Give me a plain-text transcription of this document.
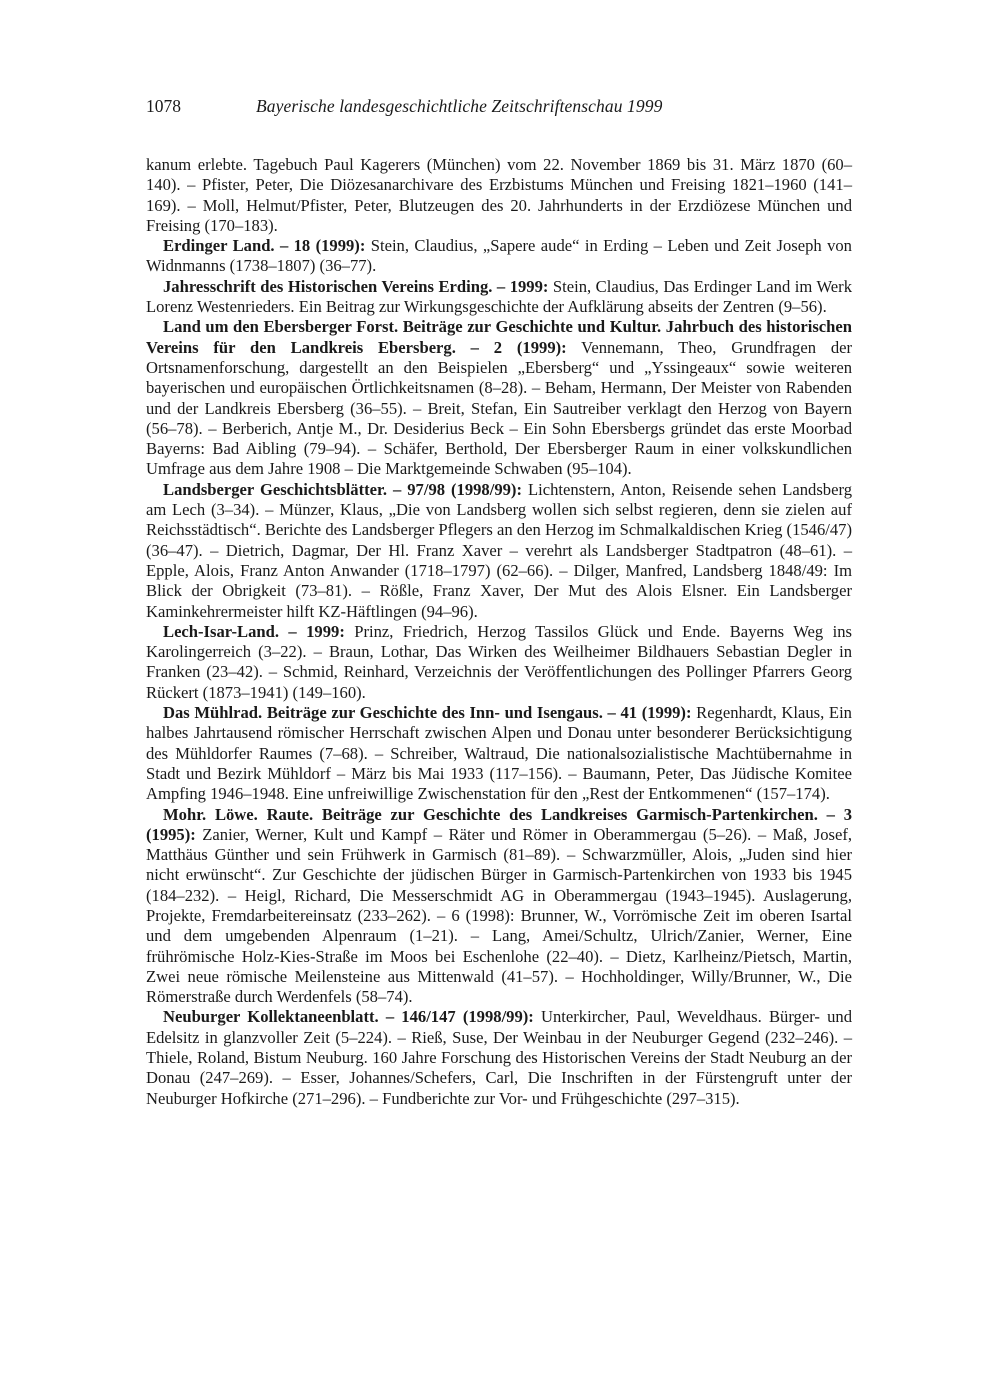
1078	Bayerische landesgeschichtliche Zeitschriftenschau 1999

kanum erlebte. Tagebuch Paul Kagerers (München) vom 22. November 1869 bis 31. März 1870 (60–140). – Pfister, Peter, Die Diözesanarchivare des Erzbistums München und Freising 1821–1960 (141–169). – Moll, Helmut/Pfister, Peter, Blutzeugen des 20. Jahrhunderts in der Erzdiözese München und Freising (170–183).

Erdinger Land. – 18 (1999): Stein, Claudius, „Sapere aude“ in Erding – Leben und Zeit Joseph von Widnmanns (1738–1807) (36–77).

Jahresschrift des Historischen Vereins Erding. – 1999: Stein, Claudius, Das Erdinger Land im Werk Lorenz Westenrieders. Ein Beitrag zur Wirkungsgeschichte der Aufklärung abseits der Zentren (9–56).

Land um den Ebersberger Forst. Beiträge zur Geschichte und Kultur. Jahrbuch des historischen Vereins für den Landkreis Ebersberg. – 2 (1999): Vennemann, Theo, Grundfragen der Ortsnamenforschung, dargestellt an den Beispielen „Ebersberg“ und „Yssingeaux“ sowie weiteren bayerischen und europäischen Örtlichkeitsnamen (8–28). – Beham, Hermann, Der Meister von Rabenden und der Landkreis Ebersberg (36–55). – Breit, Stefan, Ein Sautreiber verklagt den Herzog von Bayern (56–78). – Berberich, Antje M., Dr. Desiderius Beck – Ein Sohn Ebersbergs gründet das erste Moorbad Bayerns: Bad Aibling (79–94). – Schäfer, Berthold, Der Ebersberger Raum in einer volkskundlichen Umfrage aus dem Jahre 1908 – Die Marktgemeinde Schwaben (95–104).

Landsberger Geschichtsblätter. – 97/98 (1998/99): Lichtenstern, Anton, Reisende sehen Landsberg am Lech (3–34). – Münzer, Klaus, „Die von Landsberg wollen sich selbst regieren, denn sie zielen auf Reichsstädtisch“. Berichte des Landsberger Pflegers an den Herzog im Schmalkaldischen Krieg (1546/47) (36–47). – Dietrich, Dagmar, Der Hl. Franz Xaver – verehrt als Landsberger Stadtpatron (48–61). – Epple, Alois, Franz Anton Anwander (1718–1797) (62–66). – Dilger, Manfred, Landsberg 1848/49: Im Blick der Obrigkeit (73–81). – Rößle, Franz Xaver, Der Mut des Alois Elsner. Ein Landsberger Kaminkehrermeister hilft KZ-Häftlingen (94–96).

Lech-Isar-Land. – 1999: Prinz, Friedrich, Herzog Tassilos Glück und Ende. Bayerns Weg ins Karolingerreich (3–22). – Braun, Lothar, Das Wirken des Weilheimer Bildhauers Sebastian Degler in Franken (23–42). – Schmid, Reinhard, Verzeichnis der Veröffentlichungen des Pollinger Pfarrers Georg Rückert (1873–1941) (149–160).

Das Mühlrad. Beiträge zur Geschichte des Inn- und Isengaus. – 41 (1999): Regenhardt, Klaus, Ein halbes Jahrtausend römischer Herrschaft zwischen Alpen und Donau unter besonderer Berücksichtigung des Mühldorfer Raumes (7–68). – Schreiber, Waltraud, Die nationalsozialistische Machtübernahme in Stadt und Bezirk Mühldorf – März bis Mai 1933 (117–156). – Baumann, Peter, Das Jüdische Komitee Ampfing 1946–1948. Eine unfreiwillige Zwischenstation für den „Rest der Entkommenen“ (157–174).

Mohr. Löwe. Raute. Beiträge zur Geschichte des Landkreises Garmisch-Partenkirchen. – 3 (1995): Zanier, Werner, Kult und Kampf – Räter und Römer in Oberammergau (5–26). – Maß, Josef, Matthäus Günther und sein Frühwerk in Garmisch (81–89). – Schwarzmüller, Alois, „Juden sind hier nicht erwünscht“. Zur Geschichte der jüdischen Bürger in Garmisch-Partenkirchen von 1933 bis 1945 (184–232). – Heigl, Richard, Die Messerschmidt AG in Oberammergau (1943–1945). Auslagerung, Projekte, Fremdarbeitereinsatz (233–262). – 6 (1998): Brunner, W., Vorrömische Zeit im oberen Isartal und dem umgebenden Alpenraum (1–21). – Lang, Amei/Schultz, Ulrich/Zanier, Werner, Eine frührömische Holz-Kies-Straße im Moos bei Eschenlohe (22–40). – Dietz, Karlheinz/Pietsch, Martin, Zwei neue römische Meilensteine aus Mittenwald (41–57). – Hochholdinger, Willy/Brunner, W., Die Römerstraße durch Werdenfels (58–74).

Neuburger Kollektaneenblatt. – 146/147 (1998/99): Unterkircher, Paul, Weveldhaus. Bürger- und Edelsitz in glanzvoller Zeit (5–224). – Rieß, Suse, Der Weinbau in der Neuburger Gegend (232–246). – Thiele, Roland, Bistum Neuburg. 160 Jahre Forschung des Historischen Vereins der Stadt Neuburg an der Donau (247–269). – Esser, Johannes/Schefers, Carl, Die Inschriften in der Fürstengruft unter der Neuburger Hofkirche (271–296). – Fundberichte zur Vor- und Frühgeschichte (297–315).
